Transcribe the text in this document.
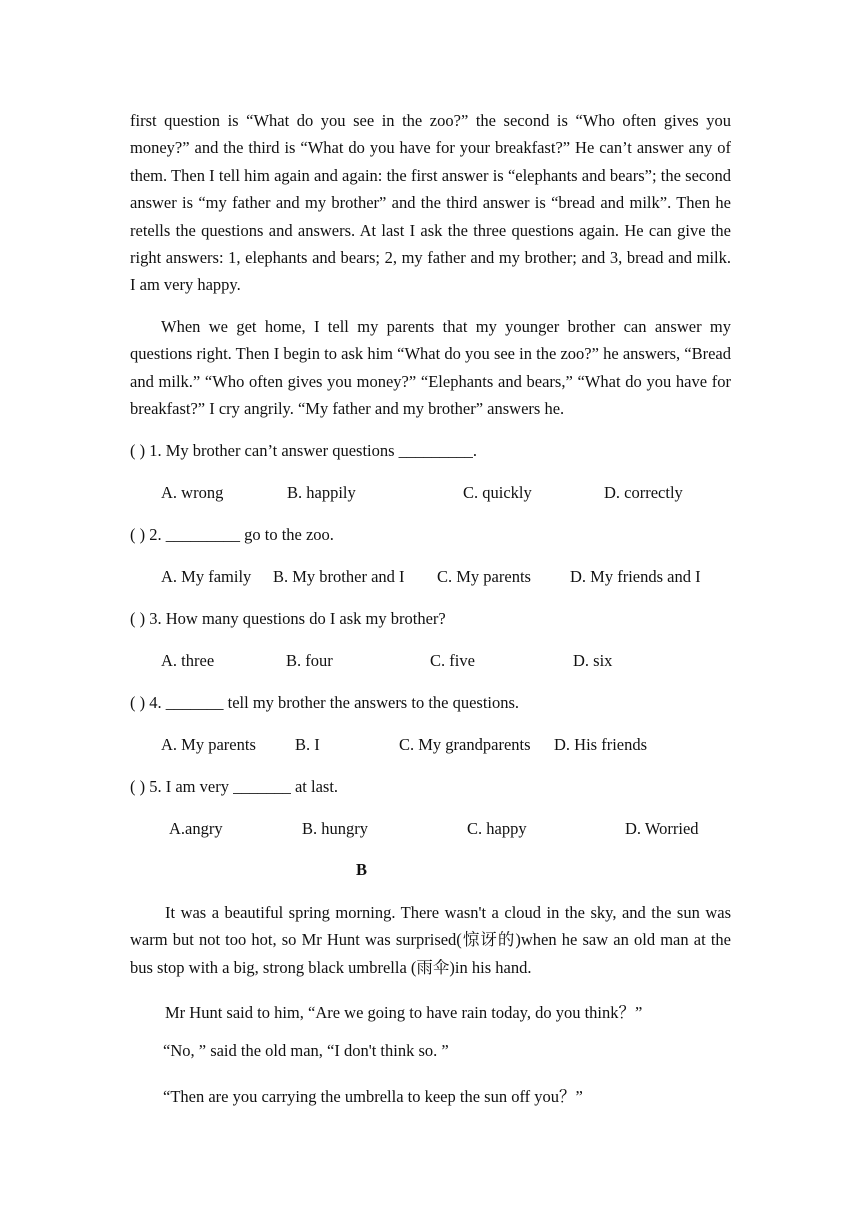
first question is “What do you see in the zoo?” the second is “Who often gives you money?” and the third is “What do you have for your breakfast?” He can’t answer any of them. Then I tell him again and again: the first answer is “elephants and bears”; the second answer is “my father and my brother” and the third answer is “bread and milk”. Then he retells the questions and answers. At last I ask the three questions again. He can give the right answers: 1, elephants and bears; 2, my father and my brother; and 3, bread and milk. I am very happy.

When we get home, I tell my parents that my younger brother can answer my questions right. Then I begin to ask him “What do you see in the zoo?” he answers, “Bread and milk.” “Who often gives you money?” “Elephants and bears,” “What do you have for breakfast?” I cry angrily. “My father and my brother” answers he.

( ) 1. My brother can’t answer questions _________.
A. wrong	B. happily	C. quickly	D. correctly
( ) 2. _________ go to the zoo.
A. My family B. My brother and I C. My parents D. My friends and I
( ) 3. How many questions do I ask my brother?
A. three	B. four	C. five	D. six
( ) 4. _______ tell my brother the answers to the questions.
A. My parents B. I	C. My grandparents D. His friends
( ) 5. I am very _______ at last.
A.angry	B. hungry	C. happy	D. Worried
B

It was a beautiful spring morning. There wasn't a cloud in the sky, and the sun was warm but not too hot, so Mr Hunt was surprised(惊讶的)when he saw an old man at the bus stop with a big, strong black umbrella (雨伞)in his hand.

Mr Hunt said to him, “Are we going to have rain today, do you think？”
“No, ” said the old man, “I don't think so. ”
“Then are you carrying the umbrella to keep the sun off you？”
